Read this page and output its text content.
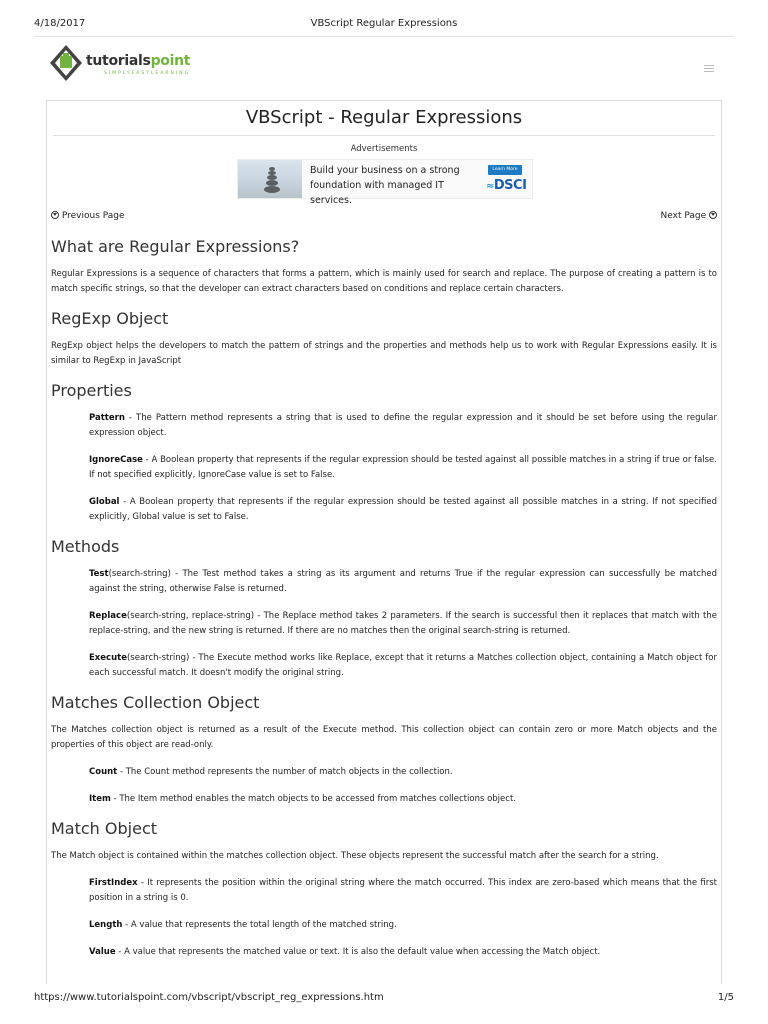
4/18/2017	VBScript Regular Expressions
tutorialspoint
SIMPLYEASYLEARNING
VBScript - Regular Expressions
Advertisements
Build your business on a strong foundation with managed IT services.
Learn More
≈DSCI
Previous Page	Next Page
What are Regular Expressions?

Regular Expressions is a sequence of characters that forms a pattern, which is mainly used for search and replace. The purpose of creating a pattern is to match specific strings, so that the developer can extract characters based on conditions and replace certain characters.

RegExp Object

RegExp object helps the developers to match the pattern of strings and the properties and methods help us to work with Regular Expressions easily. It is similar to RegExp in JavaScript

Properties

Pattern - The Pattern method represents a string that is used to define the regular expression and it should be set before using the regular expression object.

IgnoreCase - A Boolean property that represents if the regular expression should be tested against all possible matches in a string if true or false. If not specified explicitly, IgnoreCase value is set to False.

Global - A Boolean property that represents if the regular expression should be tested against all possible matches in a string. If not specified explicitly, Global value is set to False.

Methods

Test(search-string) - The Test method takes a string as its argument and returns True if the regular expression can successfully be matched against the string, otherwise False is returned.

Replace(search-string, replace-string) - The Replace method takes 2 parameters. If the search is successful then it replaces that match with the replace-string, and the new string is returned. If there are no matches then the original search-string is returned.

Execute(search-string) - The Execute method works like Replace, except that it returns a Matches collection object, containing a Match object for each successful match. It doesn't modify the original string.

Matches Collection Object

The Matches collection object is returned as a result of the Execute method. This collection object can contain zero or more Match objects and the properties of this object are read-only.

Count - The Count method represents the number of match objects in the collection.

Item - The Item method enables the match objects to be accessed from matches collections object.

Match Object

The Match object is contained within the matches collection object. These objects represent the successful match after the search for a string.

FirstIndex - It represents the position within the original string where the match occurred. This index are zero-based which means that the first position in a string is 0.

Length - A value that represents the total length of the matched string.

Value - A value that represents the matched value or text. It is also the default value when accessing the Match object.

https://www.tutorialspoint.com/vbscript/vbscript_reg_expressions.htm	1/5
